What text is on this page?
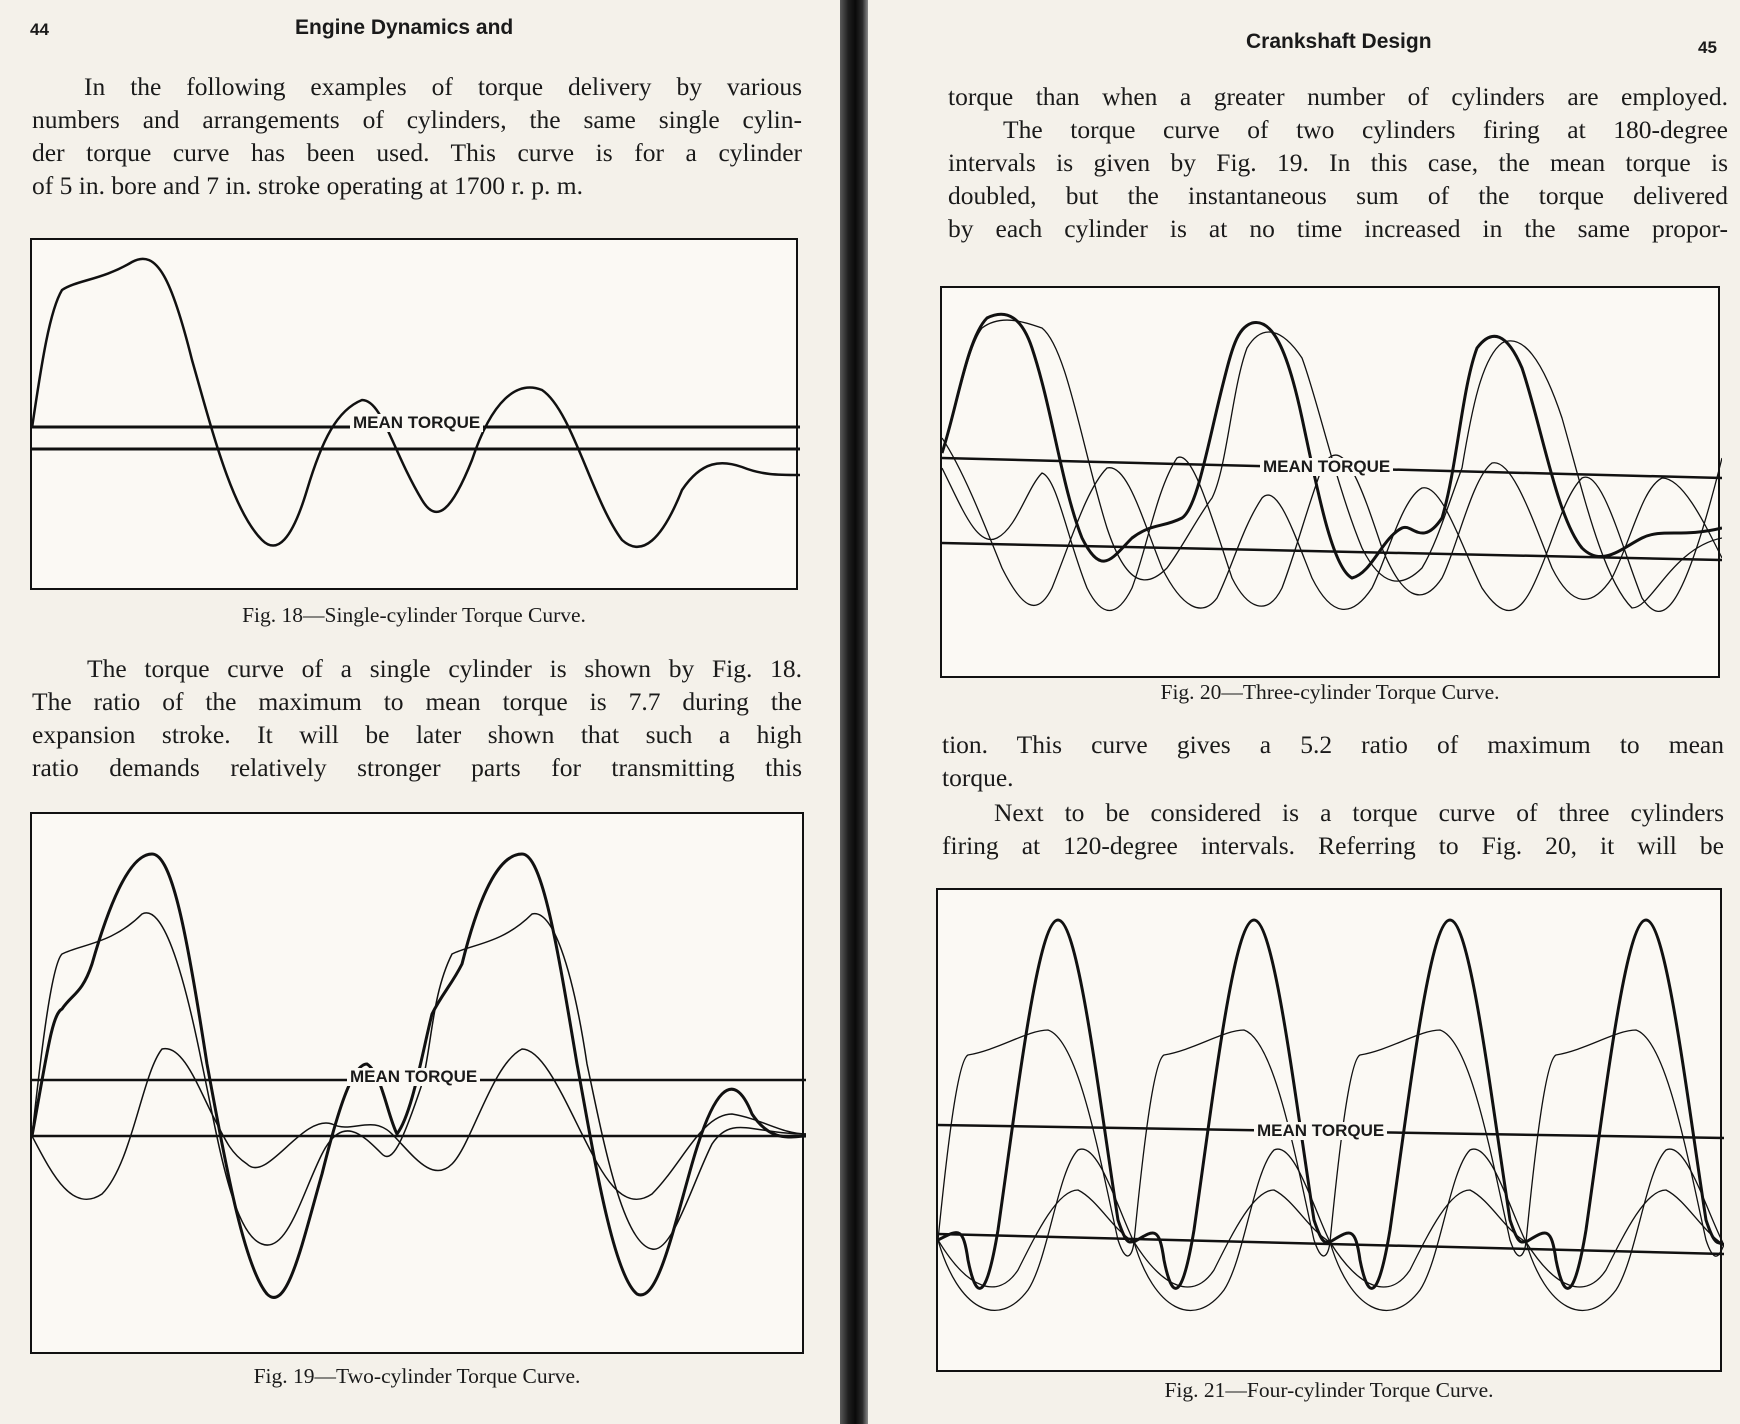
44	Engine Dynamics and
In the following examples of torque delivery by various
numbers and arrangements of cylinders, the same single cylin-
der torque curve has been used. This curve is for a cylinder
of 5 in. bore and 7 in. stroke operating at 1700 r. p. m.
MEAN TORQUE
Fig. 18—Single-cylinder Torque Curve.
The torque curve of a single cylinder is shown by Fig. 18.
The ratio of the maximum to mean torque is 7.7 during the
expansion stroke. It will be later shown that such a high
ratio demands relatively stronger parts for transmitting this
MEAN TORQUE
Fig. 19—Two-cylinder Torque Curve.
Crankshaft Design	45
torque than when a greater number of cylinders are employed.
The torque curve of two cylinders firing at 180-degree
intervals is given by Fig. 19. In this case, the mean torque is
doubled, but the instantaneous sum of the torque delivered
by each cylinder is at no time increased in the same propor-
MEAN TORQUE
Fig. 20—Three-cylinder Torque Curve.
tion. This curve gives a 5.2 ratio of maximum to mean
torque.
Next to be considered is a torque curve of three cylinders
firing at 120-degree intervals. Referring to Fig. 20, it will be
MEAN TORQUE
Fig. 21—Four-cylinder Torque Curve.
